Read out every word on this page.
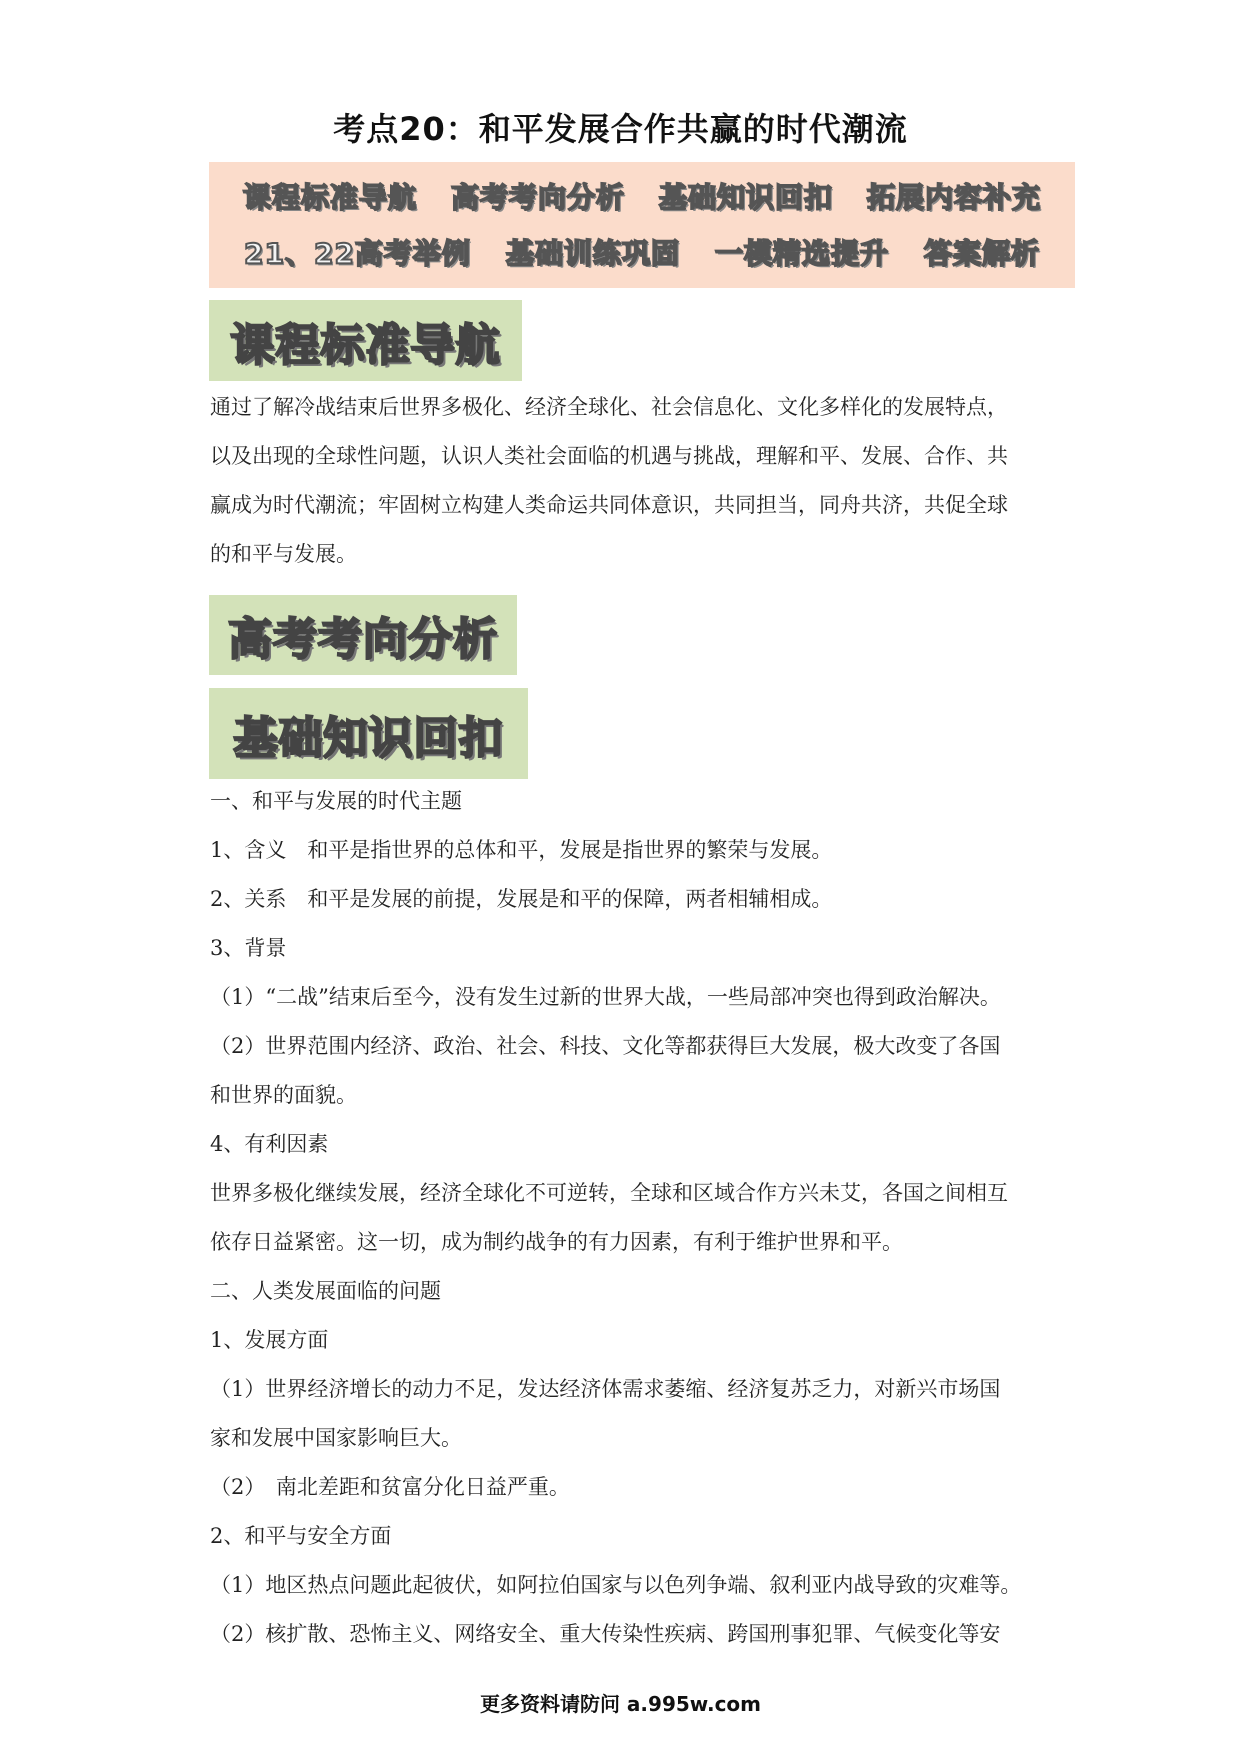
考点20：和平发展合作共赢的时代潮流
课程标准导航 高考考向分析 基础知识回扣 拓展内容补充
21、22高考举例 基础训练巩固 一模精选提升 答案解析
课程标准导航
通过了解冷战结束后世界多极化、经济全球化、社会信息化、文化多样化的发展特点，
以及出现的全球性问题，认识人类社会面临的机遇与挑战，理解和平、发展、合作、共
赢成为时代潮流；牢固树立构建人类命运共同体意识，共同担当，同舟共济，共促全球
的和平与发展。
高考考向分析
基础知识回扣
一、和平与发展的时代主题
1、含义　和平是指世界的总体和平，发展是指世界的繁荣与发展。
2、关系　和平是发展的前提，发展是和平的保障，两者相辅相成。
3、背景
（1）“二战”结束后至今，没有发生过新的世界大战，一些局部冲突也得到政治解决。
（2）世界范围内经济、政治、社会、科技、文化等都获得巨大发展，极大改变了各国
和世界的面貌。
4、有利因素
世界多极化继续发展，经济全球化不可逆转，全球和区域合作方兴未艾，各国之间相互
依存日益紧密。这一切，成为制约战争的有力因素，有利于维护世界和平。
二、人类发展面临的问题
1、发展方面
（1）世界经济增长的动力不足，发达经济体需求萎缩、经济复苏乏力，对新兴市场国
家和发展中国家影响巨大。
（2）　南北差距和贫富分化日益严重。
2、和平与安全方面
（1）地区热点问题此起彼伏，如阿拉伯国家与以色列争端、叙利亚内战导致的灾难等。
（2）核扩散、恐怖主义、网络安全、重大传染性疾病、跨国刑事犯罪、气候变化等安
更多资料请防问 a.995w.com
